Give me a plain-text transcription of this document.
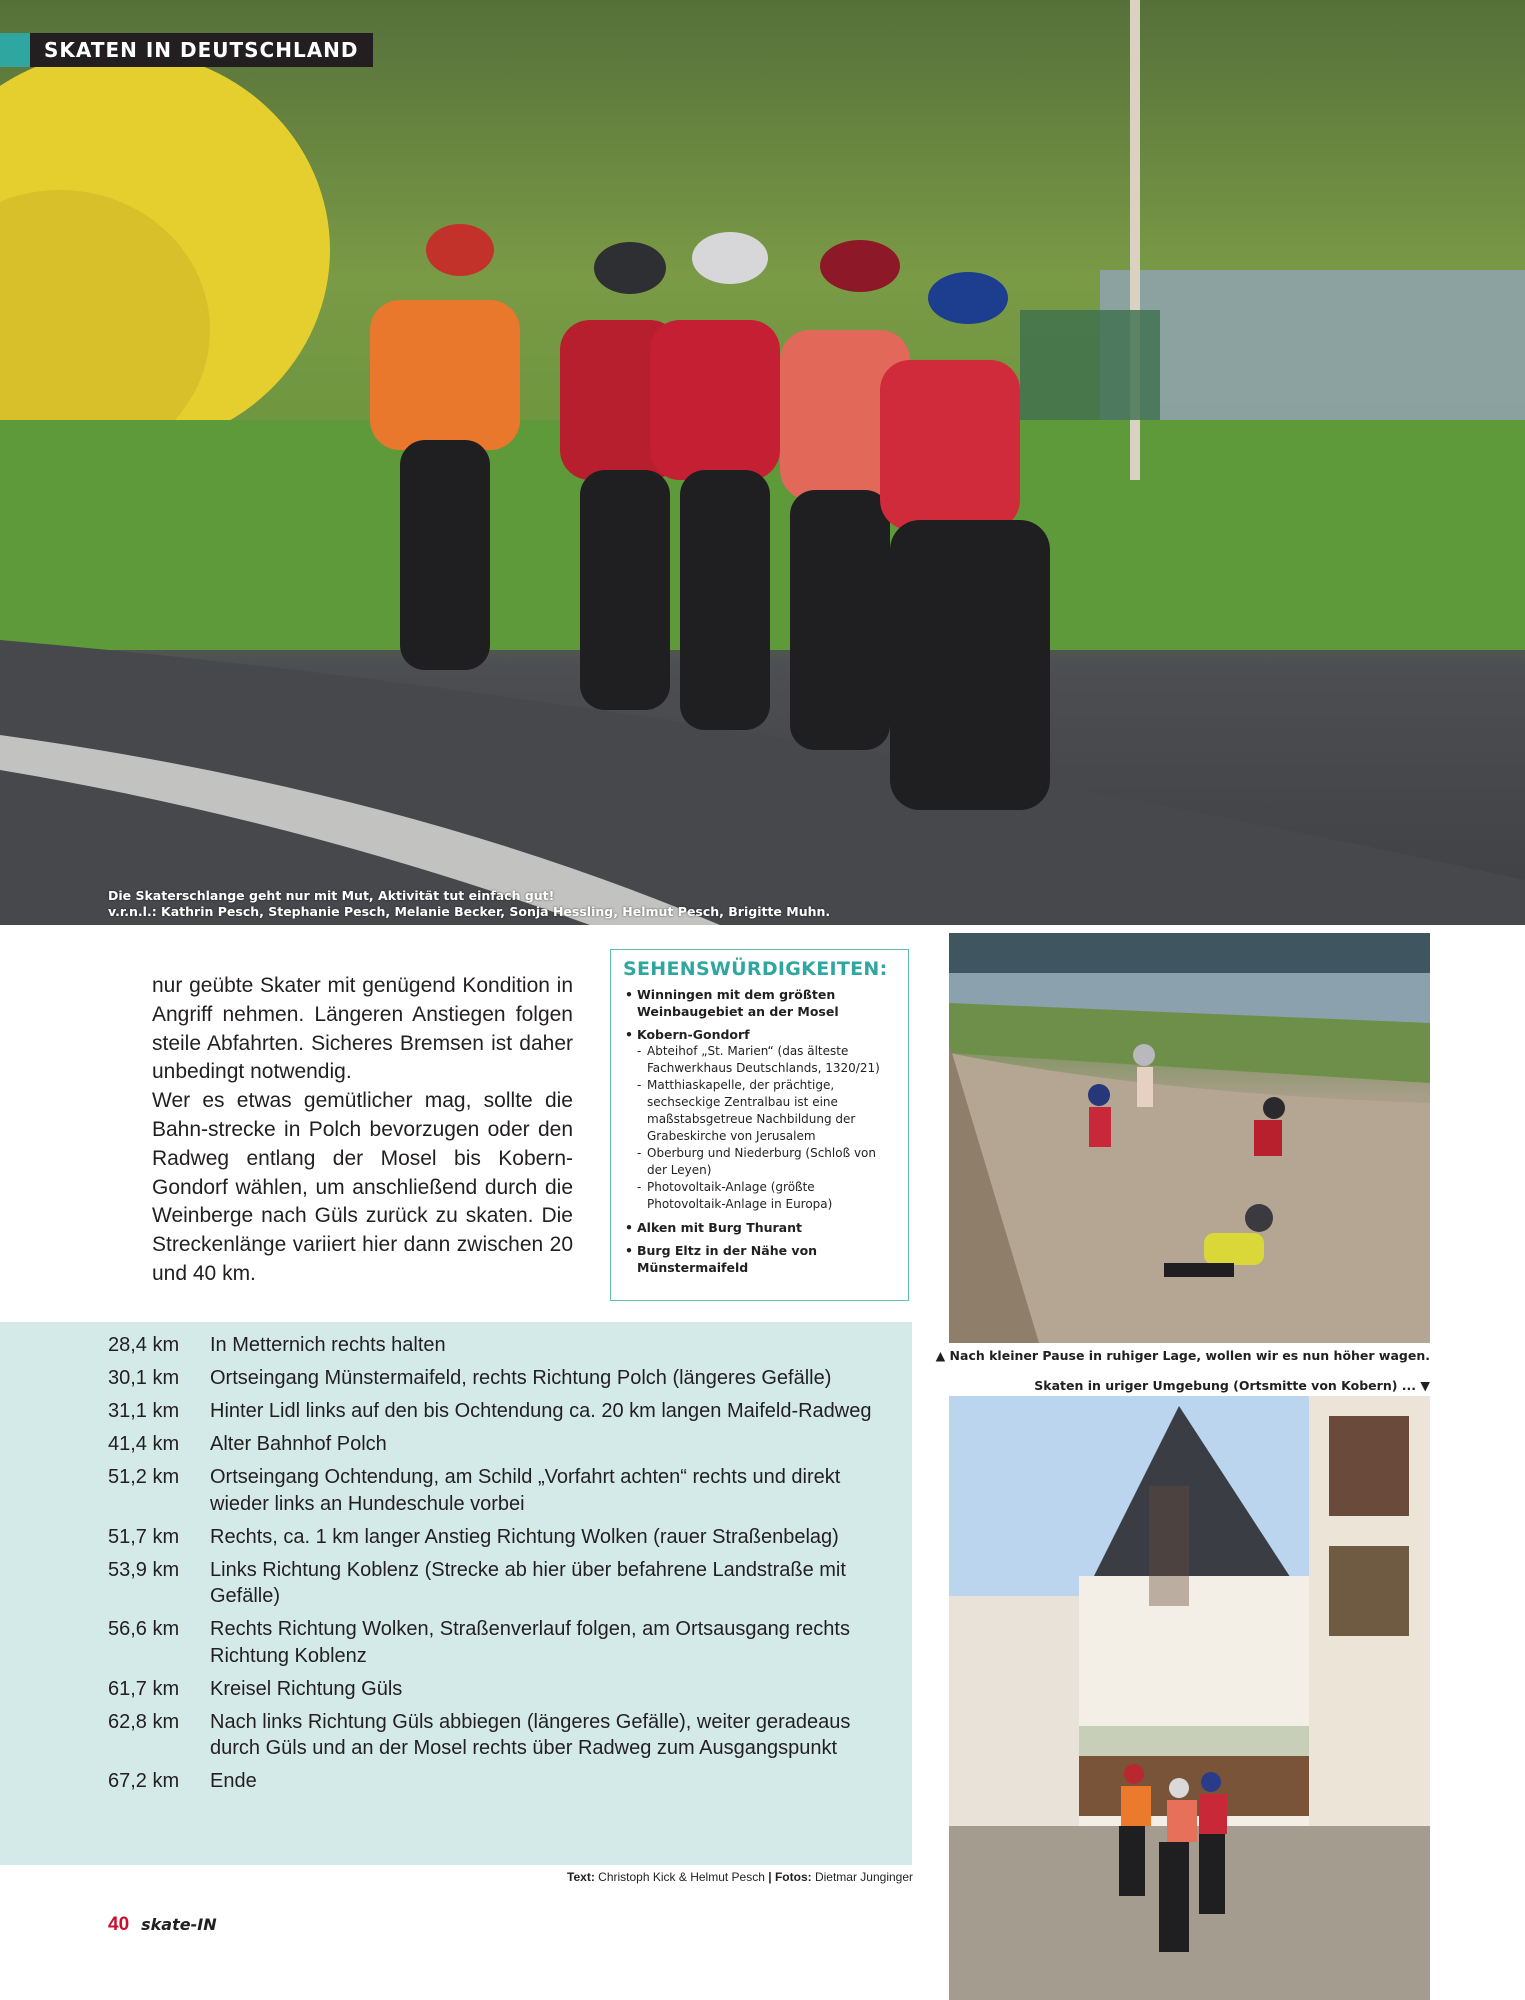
SKATEN IN DEUTSCHLAND
Die Skaterschlange geht nur mit Mut, Aktivität tut einfach gut!
v.r.n.l.: Kathrin Pesch, Stephanie Pesch, Melanie Becker, Sonja Hessling, Helmut Pesch, Brigitte Muhn.

nur geübte Skater mit genügend Kondition in Angriff nehmen. Längeren Anstiegen folgen steile Abfahrten. Sicheres Bremsen ist daher unbedingt notwendig.

Wer es etwas gemütlicher mag, sollte die Bahn-strecke in Polch bevorzugen oder den Radweg entlang der Mosel bis Kobern-Gondorf wählen, um anschließend durch die Weinberge nach Güls zurück zu skaten. Die Streckenlänge variiert hier dann zwischen 20 und 40 km.

SEHENSWÜRDIGKEITEN:
• Winningen mit dem größten Weinbaugebiet an der Mosel
• Kobern-Gondorf
- Abteihof „St. Marien“ (das älteste Fachwerkhaus Deutschlands, 1320/21)
- Matthiaskapelle, der prächtige, sechseckige Zentralbau ist eine maßstabsgetreue Nachbildung der Grabeskirche von Jerusalem
- Oberburg und Niederburg (Schloß von der Leyen)
- Photovoltaik-Anlage (größte Photovoltaik-Anlage in Europa)
• Alken mit Burg Thurant
• Burg Eltz in der Nähe von Münstermaifeld
28,4 km	In Metternich rechts halten
30,1 km	Ortseingang Münstermaifeld, rechts Richtung Polch (längeres Gefälle)
31,1 km	Hinter Lidl links auf den bis Ochtendung ca. 20 km langen Maifeld-Radweg
41,4 km	Alter Bahnhof Polch
51,2 km	Ortseingang Ochtendung, am Schild „Vorfahrt achten“ rechts und direkt wieder links an Hundeschule vorbei
51,7 km	Rechts, ca. 1 km langer Anstieg Richtung Wolken (rauer Straßenbelag)
53,9 km	Links Richtung Koblenz (Strecke ab hier über befahrene Landstraße mit Gefälle)
56,6 km	Rechts Richtung Wolken, Straßenverlauf folgen, am Ortsausgang rechts Richtung Koblenz
61,7 km	Kreisel Richtung Güls
62,8 km	Nach links Richtung Güls abbiegen (längeres Gefälle), weiter geradeaus durch Güls und an der Mosel rechts über Radweg zum Ausgangspunkt
67,2 km	Ende
Text: Christoph Kick & Helmut Pesch | Fotos: Dietmar Junginger
40 skate-IN
▲ Nach kleiner Pause in ruhiger Lage, wollen wir es nun höher wagen.
Skaten in uriger Umgebung (Ortsmitte von Kobern) ... ▼
